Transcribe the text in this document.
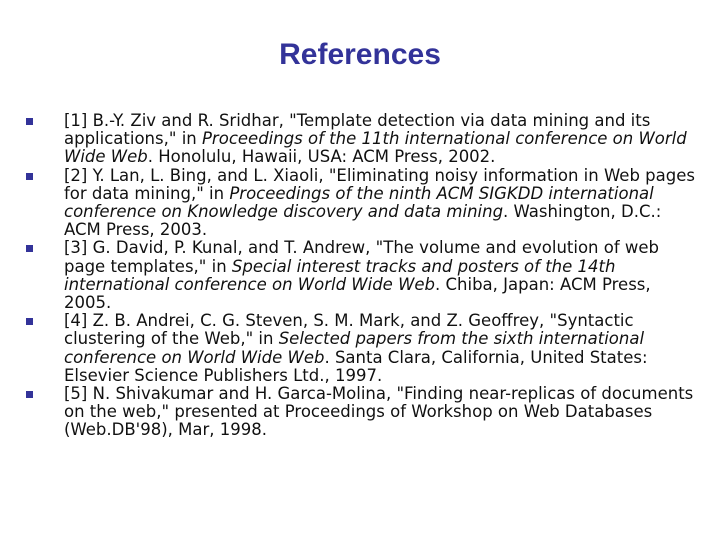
References
[1] B.-Y. Ziv and R. Sridhar, "Template detection via data mining and its applications," in Proceedings of the 11th international conference on World Wide Web. Honolulu, Hawaii, USA: ACM Press, 2002.
[2] Y. Lan, L. Bing, and L. Xiaoli, "Eliminating noisy information in Web pages for data mining," in Proceedings of the ninth ACM SIGKDD international conference on Knowledge discovery and data mining. Washington, D.C.: ACM Press, 2003.
[3] G. David, P. Kunal, and T. Andrew, "The volume and evolution of web page templates," in Special interest tracks and posters of the 14th international conference on World Wide Web. Chiba, Japan: ACM Press, 2005.
[4] Z. B. Andrei, C. G. Steven, S. M. Mark, and Z. Geoffrey, "Syntactic clustering of the Web," in Selected papers from the sixth international conference on World Wide Web. Santa Clara, California, United States: Elsevier Science Publishers Ltd., 1997.
[5] N. Shivakumar and H. Garca-Molina, "Finding near-replicas of documents on the web," presented at Proceedings of Workshop on Web Databases (Web.DB'98), Mar, 1998.
